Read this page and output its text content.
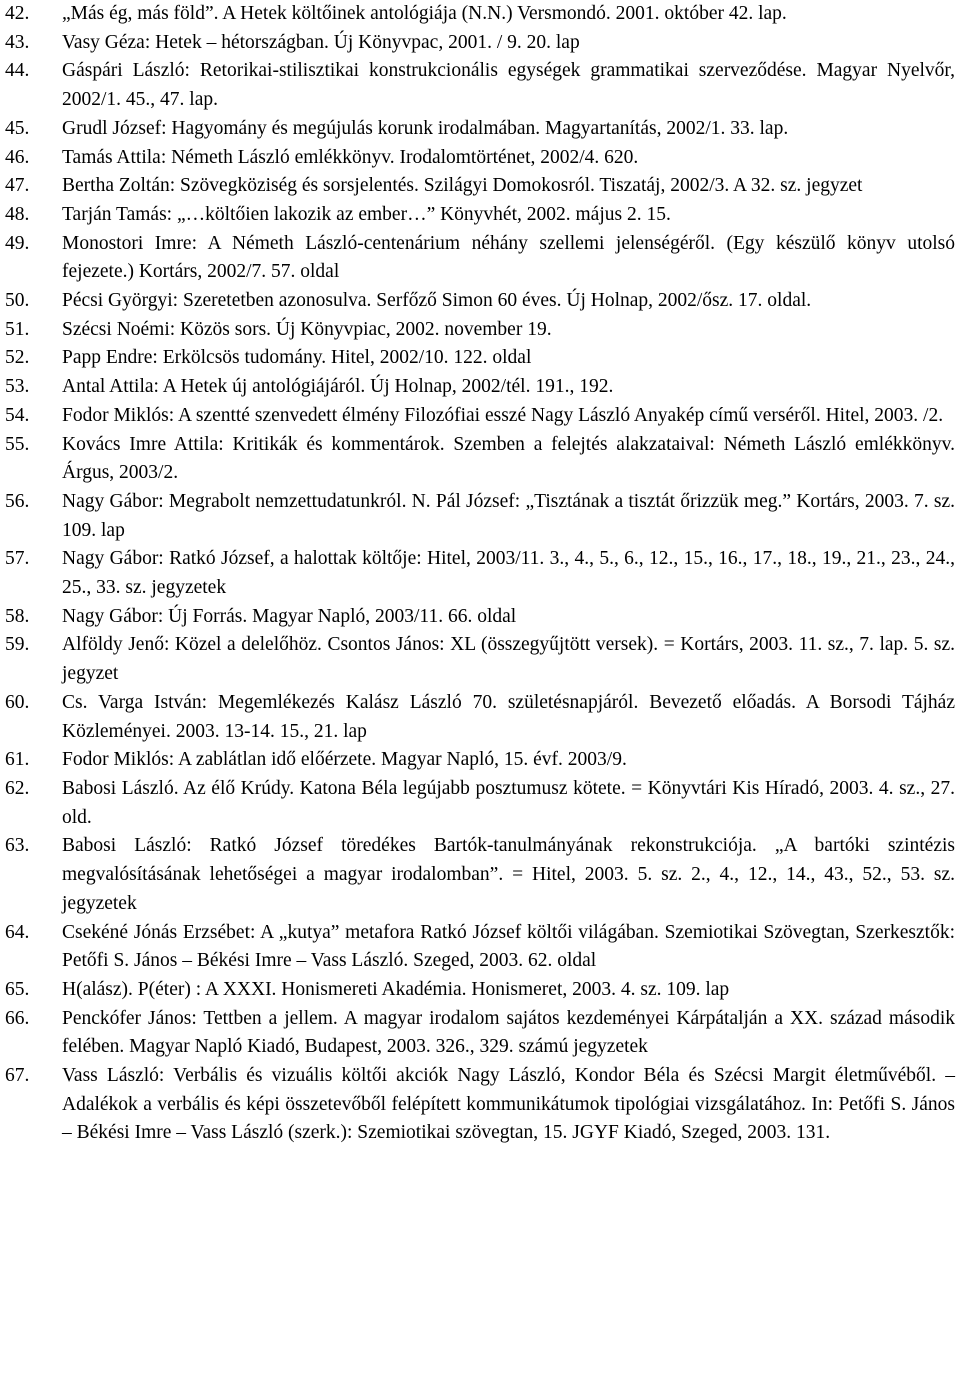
42. „Más ég, más föld”. A Hetek költőinek antológiája (N.N.) Versmondó. 2001. október 42. lap.
43. Vasy Géza: Hetek – hétországban. Új Könyvpac, 2001. / 9. 20. lap
44. Gáspári László: Retorikai-stilisztikai konstrukcionális egységek grammatikai szerveződése. Magyar Nyelvőr, 2002/1. 45., 47. lap.
45. Grudl József: Hagyomány és megújulás korunk irodalmában. Magyartanítás, 2002/1. 33. lap.
46. Tamás Attila: Németh László emlékkönyv. Irodalomtörténet, 2002/4. 620.
47. Bertha Zoltán: Szövegköziség és sorsjelentés. Szilágyi Domokosról. Tiszatáj, 2002/3. A 32. sz. jegyzet
48. Tarján Tamás: „…költőien lakozik az ember…” Könyvhét, 2002. május 2. 15.
49. Monostori Imre: A Németh László-centenárium néhány szellemi jelenségéről. (Egy készülő könyv utolsó fejezete.) Kortárs, 2002/7. 57. oldal
50. Pécsi Györgyi: Szeretetben azonosulva. Serfőző Simon 60 éves. Új Holnap, 2002/ősz. 17. oldal.
51. Szécsi Noémi: Közös sors. Új Könyvpiac, 2002. november 19.
52. Papp Endre: Erkölcsös tudomány. Hitel, 2002/10. 122. oldal
53. Antal Attila: A Hetek új antológiájáról. Új Holnap, 2002/tél. 191., 192.
54. Fodor Miklós: A szentté szenvedett élmény Filozófiai esszé Nagy László Anyakép című verséről. Hitel, 2003. /2.
55. Kovács Imre Attila: Kritikák és kommentárok. Szemben a felejtés alakzataival: Németh László emlékkönyv. Árgus, 2003/2.
56. Nagy Gábor: Megrabolt nemzettudatunkról. N. Pál József: „Tisztának a tisztát őrizzük meg.” Kortárs, 2003. 7. sz. 109. lap
57. Nagy Gábor: Ratkó József, a halottak költője: Hitel, 2003/11. 3., 4., 5., 6., 12., 15., 16., 17., 18., 19., 21., 23., 24., 25., 33. sz. jegyzetek
58. Nagy Gábor: Új Forrás. Magyar Napló, 2003/11. 66. oldal
59. Alföldy Jenő: Közel a delelőhöz. Csontos János: XL (összegyűjtött versek). = Kortárs, 2003. 11. sz., 7. lap. 5. sz. jegyzet
60. Cs. Varga István: Megemlékezés Kalász László 70. születésnapjáról. Bevezető előadás. A Borsodi Tájház Közleményei. 2003. 13-14. 15., 21. lap
61. Fodor Miklós: A zablátlan idő előérzete. Magyar Napló, 15. évf. 2003/9.
62. Babosi László. Az élő Krúdy. Katona Béla legújabb posztumusz kötete. = Könyvtári Kis Híradó, 2003. 4. sz., 27. old.
63. Babosi László: Ratkó József töredékes Bartók-tanulmányának rekonstrukciója. „A bartóki szintézis megvalósításának lehetőségei a magyar irodalomban”. = Hitel, 2003. 5. sz. 2., 4., 12., 14., 43., 52., 53. sz. jegyzetek
64. Csekéné Jónás Erzsébet: A „kutya” metafora Ratkó József költői világában. Szemiotikai Szövegtan, Szerkesztők: Petőfi S. János – Békési Imre – Vass László. Szeged, 2003. 62. oldal
65. H(alász). P(éter) : A XXXI. Honismereti Akadémia. Honismeret, 2003. 4. sz. 109. lap
66. Penckófer János: Tettben a jellem. A magyar irodalom sajátos kezdeményei Kárpátalján a XX. század második felében. Magyar Napló Kiadó, Budapest, 2003. 326., 329. számú jegyzetek
67. Vass László: Verbális és vizuális költői akciók Nagy László, Kondor Béla és Szécsi Margit életművéből. – Adalékok a verbális és képi összetevőből felépített kommunikátumok tipológiai vizsgálatához. In: Petőfi S. János – Békési Imre – Vass László (szerk.): Szemiotikai szövegtan, 15. JGYF Kiadó, Szeged, 2003. 131.
